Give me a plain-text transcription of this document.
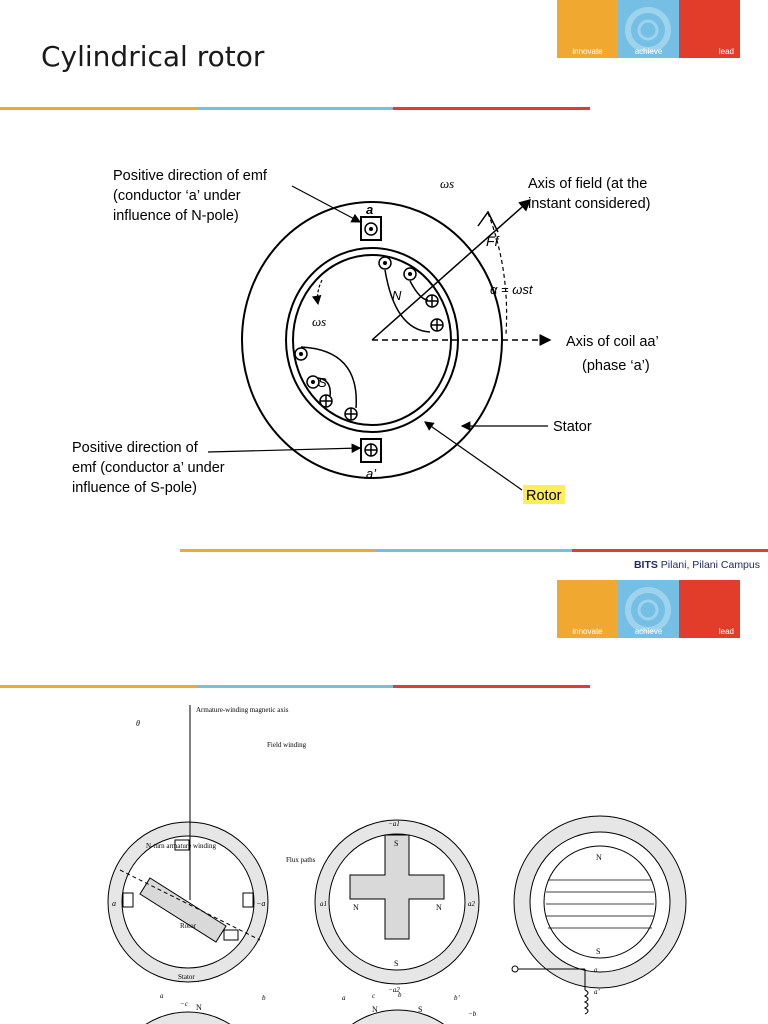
Cylindrical rotor	innovate	achieve	lead
Positive direction of emf
(conductor ‘a’ under
influence of N-pole)
Axis of field (at the
instant considered)
Axis of coil aa’
(phase ‘a’)
Positive direction of
emf (conductor a’ under
influence of S-pole)
Stator
Rotor
ωs
ωs
Ff
α = ωst
a
a’
N
S
BITS Pilani, Pilani Campus
innovate	achieve	lead
Armature-winding magnetic axis
Field winding
Rotor
N-turn armature winding
Flux paths
Stator
θ
a	−a
S
S
N	N
a1
−a1
a2
−a2
N
S
−c
a	b
N
b
c
a	b’
−b
N	S
a
a’
